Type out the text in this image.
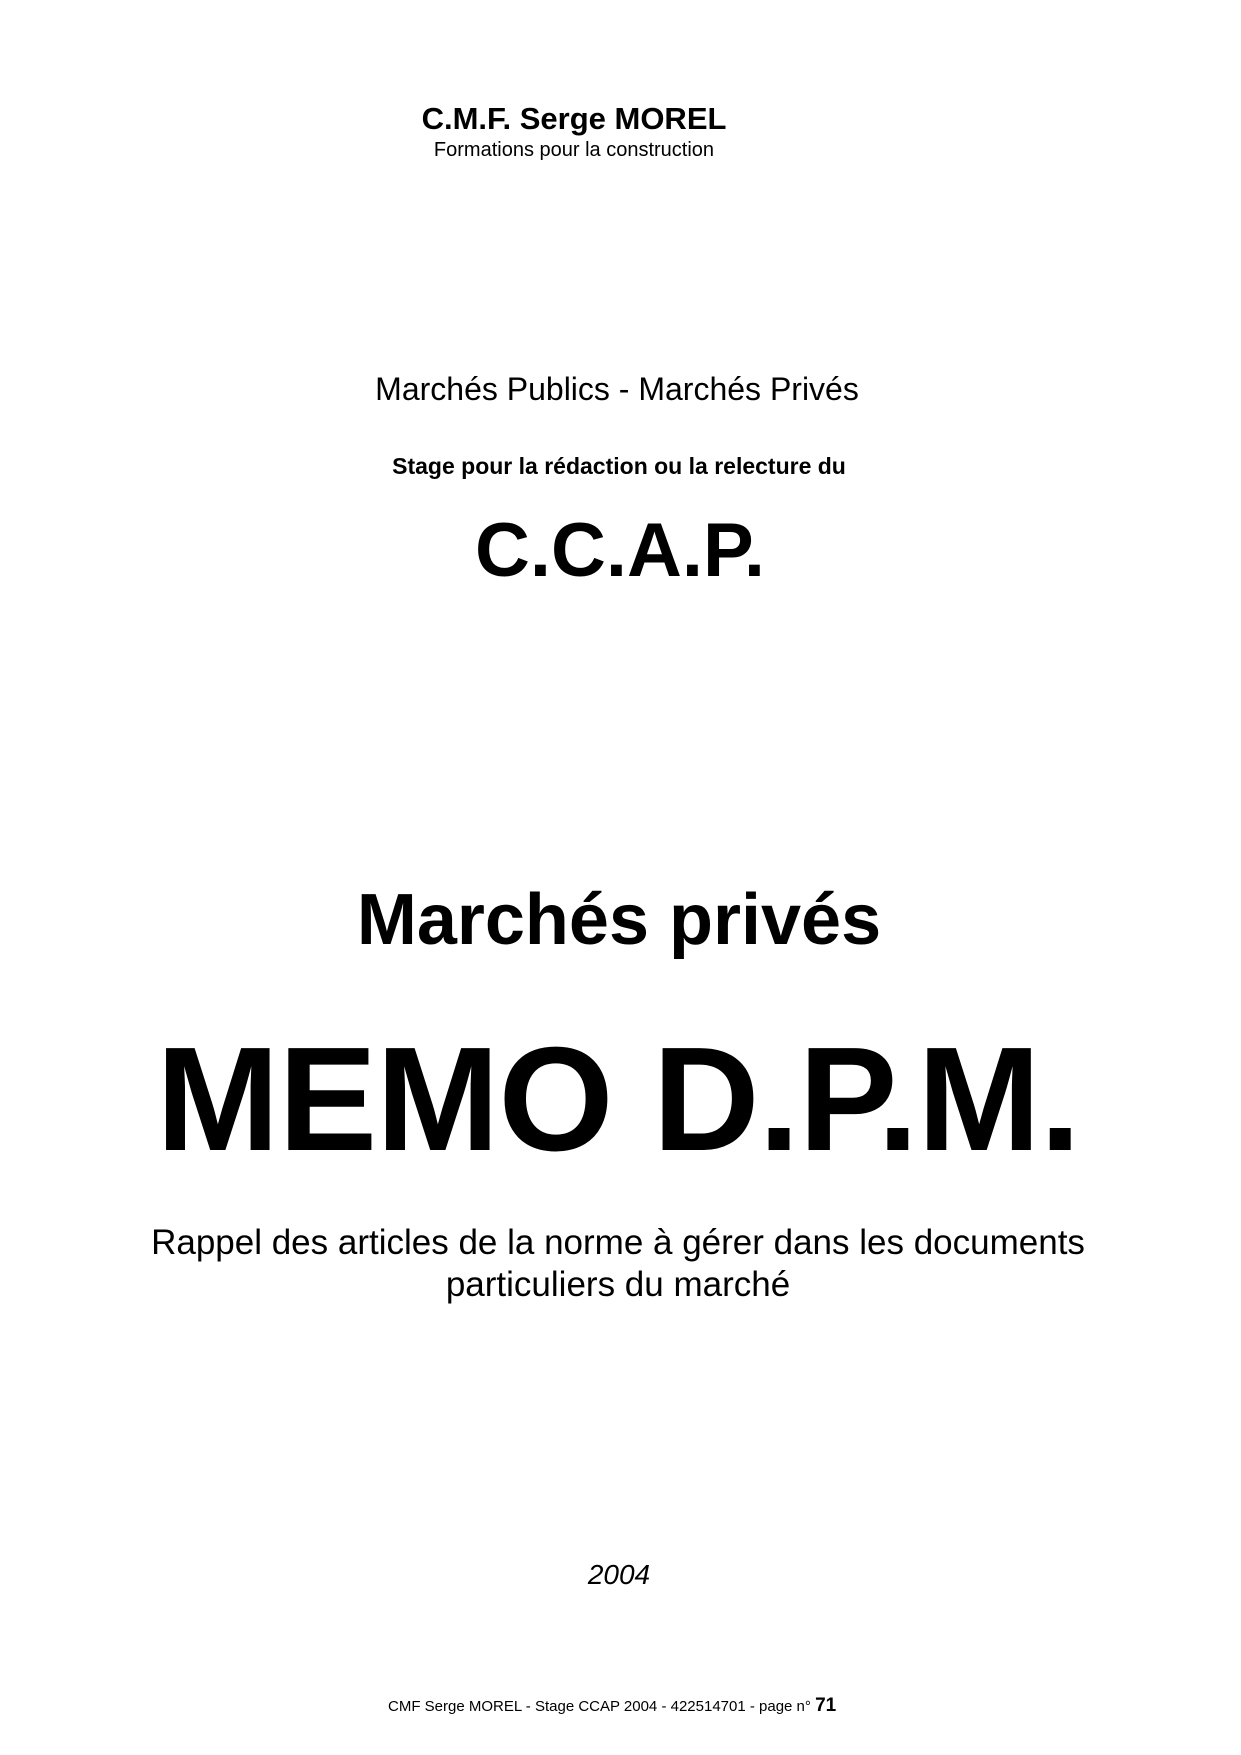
C.M.F. Serge MOREL
Formations pour la construction
Marchés Publics - Marchés Privés
Stage pour la rédaction ou la relecture du
C.C.A.P.
Marchés privés
MEMO D.P.M.
Rappel des articles de la norme à gérer dans les documents
particuliers du marché
2004
CMF Serge MOREL - Stage CCAP 2004 - 422514701 - page n° 71
